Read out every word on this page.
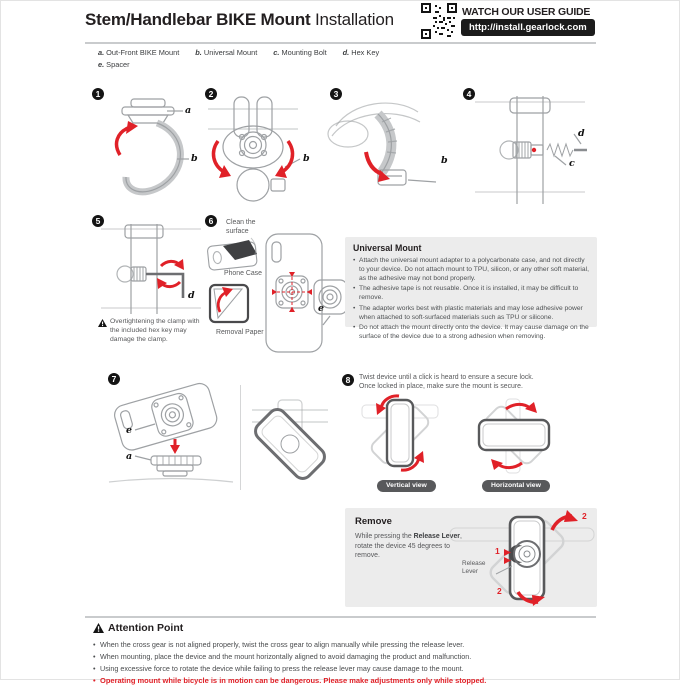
Stem/Handlebar BIKE Mount Installation	WATCH OUR USER GUIDE
http://install.gearlock.com
a. Out-Front BIKE Mount b. Universal Mount c. Mounting Bolt d. Hex Key
e. Spacer
1
a
b
2
b
3
b
4
d
c
5
d
Overtightening the clamp with the included hex key may damage the clamp.
6	Clean the surface
Phone Case
Removal Paper
e
Universal Mount
• Attach the universal mount adapter to a polycarbonate case, and not directly to your device. Do not attach mount to TPU, silicon, or any other soft material, as the adhesive may not bond properly.
• The adhesive tape is not reusable. Once it is installed, it may be difficult to remove.
• The adapter works best with plastic materials and may lose adhesive power when attached to soft-surfaced materials such as TPU or silicone.
• Do not attach the mount directly onto the device. It may cause damage on the surface of the device due to a strong adhesion when removing.
7
e
a
8	Twist device until a click is heard to ensure a secure lock.
Once locked in place, make sure the mount is secure.
Vertical view	Horizontal view
Remove
While pressing the Release Lever,
rotate the device 45 degrees to remove.	1
2
2
Release Lever
Attention Point
• When the cross gear is not aligned properly, twist the cross gear to align manually while pressing the release lever.
• When mounting, place the device and the mount horizontally aligned to avoid damaging the product and malfunction.
• Using excessive force to rotate the device while failing to press the release lever may cause damage to the mount.
• Operating mount while bicycle is in motion can be dangerous. Please make adjustments only while stopped.
